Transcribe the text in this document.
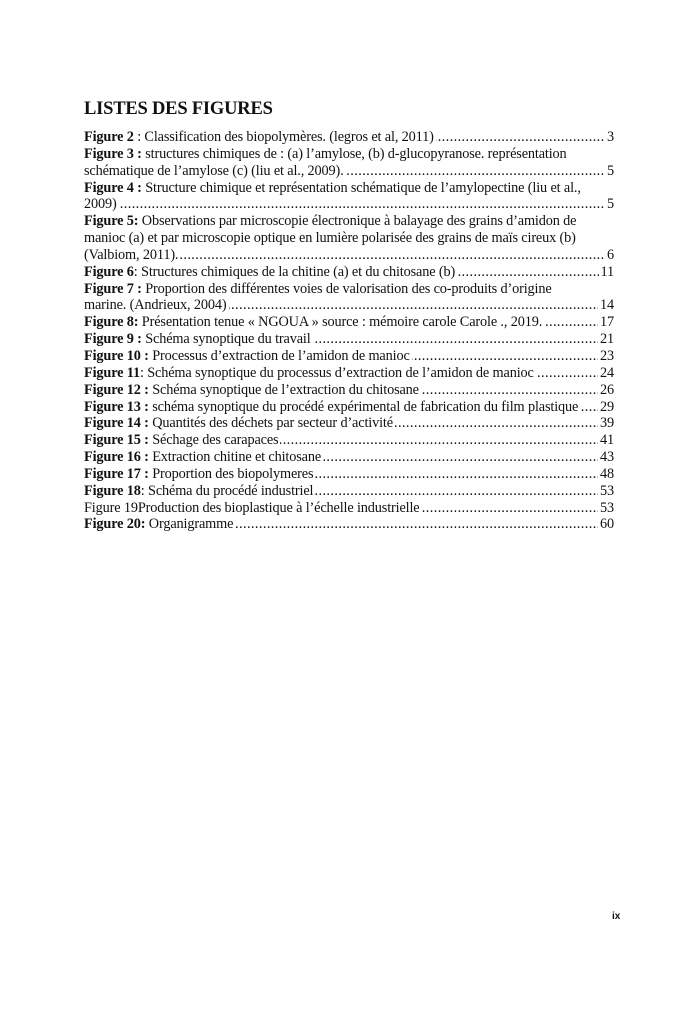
LISTES DES FIGURES
Figure 2 : Classification des biopolymères. (legros et al, 2011)	3
.....
Figure 3 : structures chimiques de : (a) l’amylose, (b) d-glucopyranose. représentation schématique de l’amylose (c) (liu et al., 2009).	5
.....
Figure 4 : Structure chimique et représentation schématique de l’amylopectine (liu et al., 2009)	5
.....
Figure 5: Observations par microscopie électronique à balayage des grains d’amidon de manioc (a) et par microscopie optique en lumière polarisée des grains de maïs cireux (b) (Valbiom, 2011).	6
.....
Figure 6: Structures chimiques de la chitine (a) et du chitosane (b)	11
.....
Figure 7 : Proportion des différentes voies de valorisation des co-produits d’origine marine. (Andrieux, 2004)	14
.....
Figure 8: Présentation tenue « NGOUA » source : mémoire carole Carole ., 2019.	17
.....
Figure 9 : Schéma synoptique du travail	21
.....
Figure 10 : Processus d’extraction de l’amidon de manioc	23
.....
Figure 11: Schéma synoptique du processus d’extraction de l’amidon de manioc	24
.....
Figure 12 : Schéma synoptique de l’extraction du chitosane	26
.....
Figure 13 : schéma synoptique du procédé expérimental de fabrication du film plastique 29
.....
Figure 14 : Quantités des déchets par secteur d’activité	39
.....
Figure 15 : Séchage des carapaces	41
.....
Figure 16 : Extraction chitine et chitosane	43
.....
Figure 17 : Proportion des biopolymeres	48
.....
Figure 18: Schéma du procédé industriel	53
.....
Figure 19Production des bioplastique à l’échelle industrielle	53
.....
Figure 20: Organigramme	60
.....
ix
